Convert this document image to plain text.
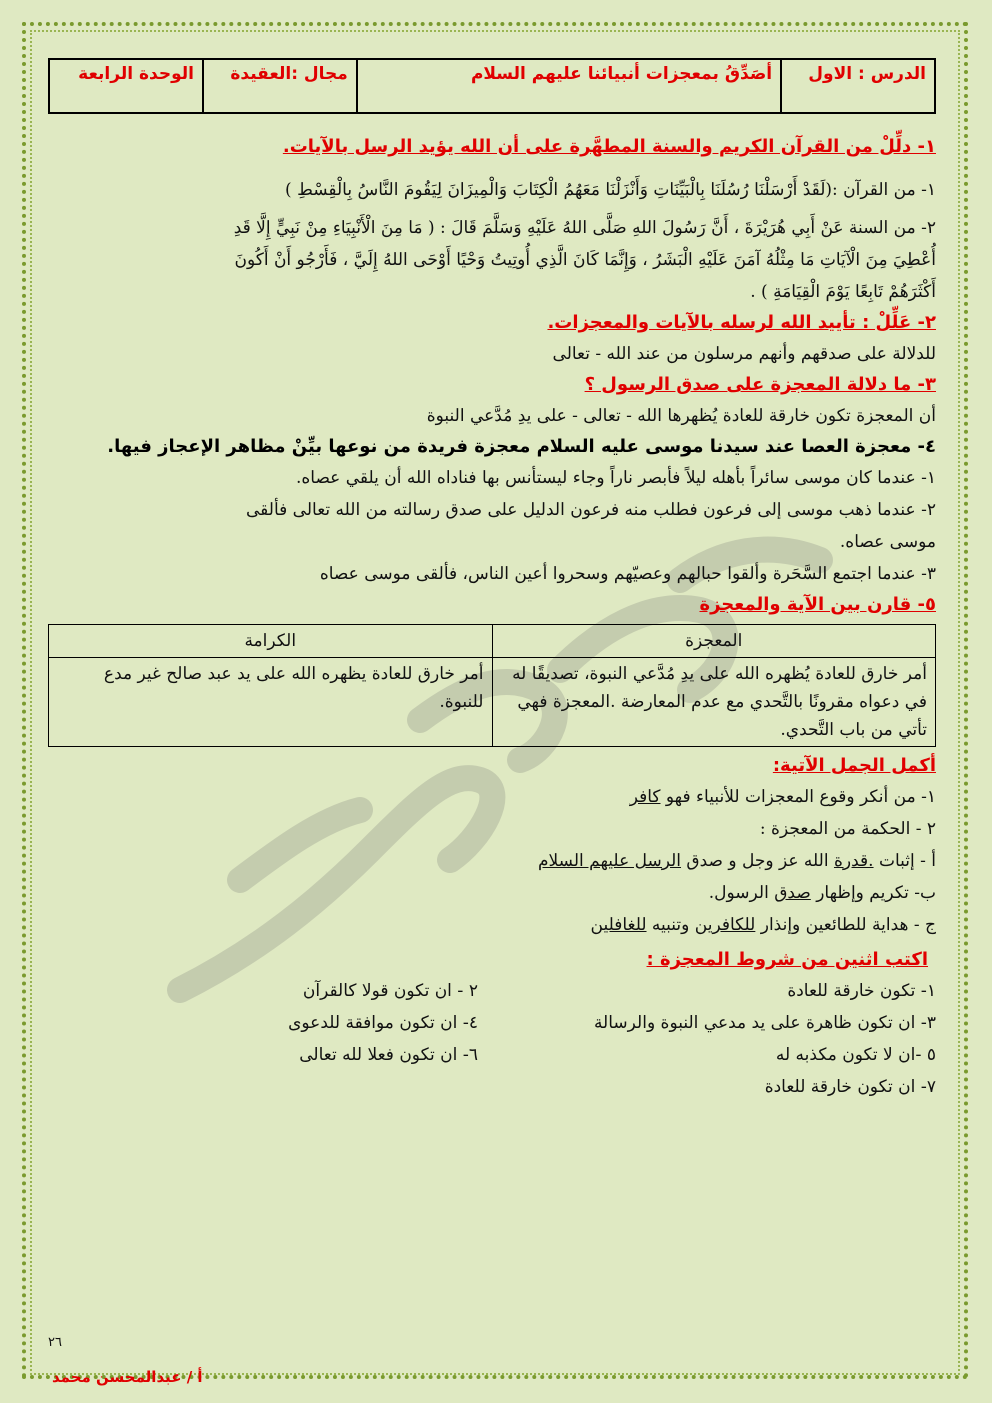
الدرس : الاول	أصَدِّقُ بمعجزات أنبيائنا عليهم السلام	مجال :العقيدة	الوحدة الرابعة
١- دلِّلْ من القرآن الكريم والسنة المطهَّرة على أن الله يؤيد الرسل بالآيات.
١- من القرآن :(لَقَدْ أَرْسَلْنَا رُسُلَنَا بِالْبَيِّنَاتِ وَأَنْزَلْنَا مَعَهُمُ الْكِتَابَ وَالْمِيزَانَ لِيَقُومَ النَّاسُ بِالْقِسْطِ )
٢- من السنة عَنْ أَبِي هُرَيْرَةَ ، أَنَّ رَسُولَ اللهِ صَلَّى اللهُ عَلَيْهِ وَسَلَّمَ قَالَ : ( مَا مِنَ الْأَنْبِيَاءِ مِنْ نَبِيٍّ إِلَّا قَدِ
أُعْطِيَ مِنَ الْآيَاتِ مَا مِثْلُهُ آمَنَ عَلَيْهِ الْبَشَرُ ، وَإِنَّمَا كَانَ الَّذِي أُوتِيتُ وَحْيًا أَوْحَى اللهُ إِلَيَّ ، فَأَرْجُو أَنْ أَكُونَ
أَكْثَرَهُمْ تَابِعًا يَوْمَ الْقِيَامَةِ ) .
٢- عَلِّلْ : تأييد الله لرسله بالآيات والمعجزات.
للدلالة على صدقهم وأنهم مرسلون من عند الله - تعالى
٣- ما دلالة المعجزة على صدق الرسول ؟
أن المعجزة تكون خارقة للعادة يُظهرها الله - تعالى - على يدِ مُدَّعي النبوة
٤- معجزة العصا عند سيدنا موسى عليه السلام معجزة فريدة من نوعها بيِّنْ مظاهر الإعجاز فيها.
١- عندما كان موسى سائراً بأهله ليلاً فأبصر ناراً وجاء ليستأنس بها فناداه الله أن يلقي عصاه.
٢- عندما ذهب موسى إلى فرعون فطلب منه فرعون الدليل على صدق رسالته من الله تعالى فألقى
موسى عصاه.
٣- عندما اجتمع السَّحَرة وألقوا حبالهم وعصيّهم وسحروا أعين الناس، فألقى موسى عصاه
٥- قارن بين الآية والمعجزة
المعجزة	الكرامة
أمر خارق للعادة يُظهره الله على يدِ مُدَّعي النبوة، تصديقًا له في دعواه مقرونًا بالتَّحدي مع عدم المعارضة .المعجزة فهي تأتي من باب التَّحدي.	أمر خارق للعادة يظهره الله على يد عبد صالح غير مدع للنبوة.
أكمل الجمل الآتية:
١- من أنكر وقوع المعجزات للأنبياء فهو كافر
٢ - الحكمة من المعجزة :
أ - إثبات .قدرة الله عز وجل و صدق الرسل عليهم السلام
ب- تكريم وإظهار صدق الرسول.
ج - هداية للطائعين وإنذار للكافرين وتنبيه للغافلين
اكتب اثنين من شروط المعجزة :
١- تكون خارقة للعادة
٢ - ان تكون قولا كالقرآن
٣- ان تكون ظاهرة على يد مدعي النبوة والرسالة
٤- ان تكون موافقة للدعوى
٥ -ان لا تكون مكذبه له
٦- ان تكون فعلا لله تعالى
٧- ان تكون خارقة للعادة
٢٦
أ / عبدالمحسن محمد
